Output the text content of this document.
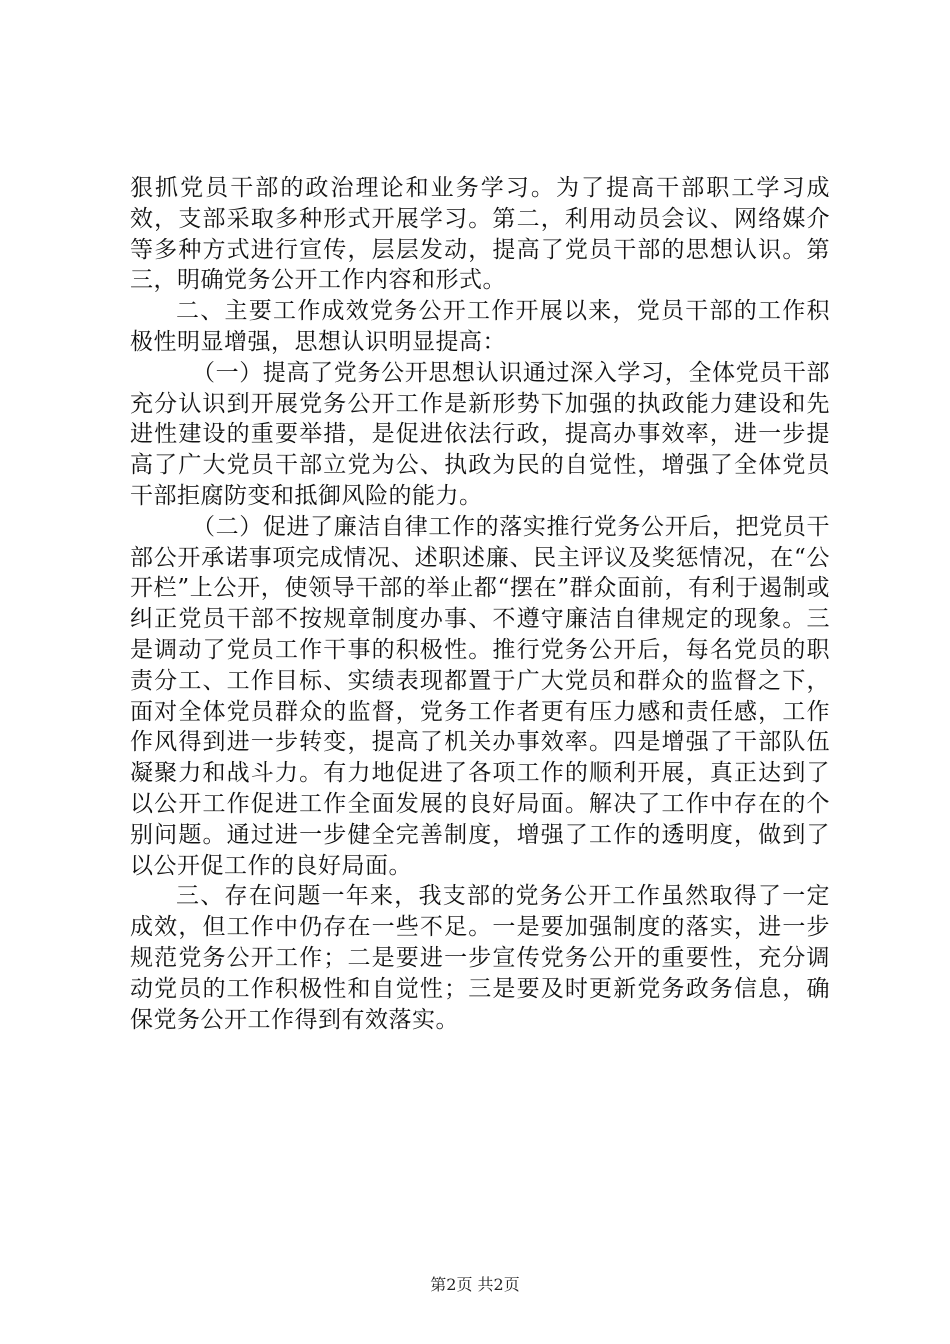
狠抓党员干部的政治理论和业务学习。为了提高干部职工学习成效，支部采取多种形式开展学习。第二，利用动员会议、网络媒介等多种方式进行宣传，层层发动，提高了党员干部的思想认识。第三，明确党务公开工作内容和形式。

二、主要工作成效党务公开工作开展以来，党员干部的工作积极性明显增强，思想认识明显提高：

（一）提高了党务公开思想认识通过深入学习，全体党员干部充分认识到开展党务公开工作是新形势下加强的执政能力建设和先进性建设的重要举措，是促进依法行政，提高办事效率，进一步提高了广大党员干部立党为公、执政为民的自觉性，增强了全体党员干部拒腐防变和抵御风险的能力。

（二）促进了廉洁自律工作的落实推行党务公开后，把党员干部公开承诺事项完成情况、述职述廉、民主评议及奖惩情况，在“公开栏”上公开，使领导干部的举止都“摆在”群众面前，有利于遏制或纠正党员干部不按规章制度办事、不遵守廉洁自律规定的现象。三是调动了党员工作干事的积极性。推行党务公开后，每名党员的职责分工、工作目标、实绩表现都置于广大党员和群众的监督之下，面对全体党员群众的监督，党务工作者更有压力感和责任感，工作作风得到进一步转变，提高了机关办事效率。四是增强了干部队伍凝聚力和战斗力。有力地促进了各项工作的顺利开展，真正达到了以公开工作促进工作全面发展的良好局面。解决了工作中存在的个别问题。通过进一步健全完善制度，增强了工作的透明度，做到了以公开促工作的良好局面。

三、存在问题一年来，我支部的党务公开工作虽然取得了一定成效，但工作中仍存在一些不足。一是要加强制度的落实，进一步规范党务公开工作；二是要进一步宣传党务公开的重要性，充分调动党员的工作积极性和自觉性；三是要及时更新党务政务信息，确保党务公开工作得到有效落实。

第2页 共2页
